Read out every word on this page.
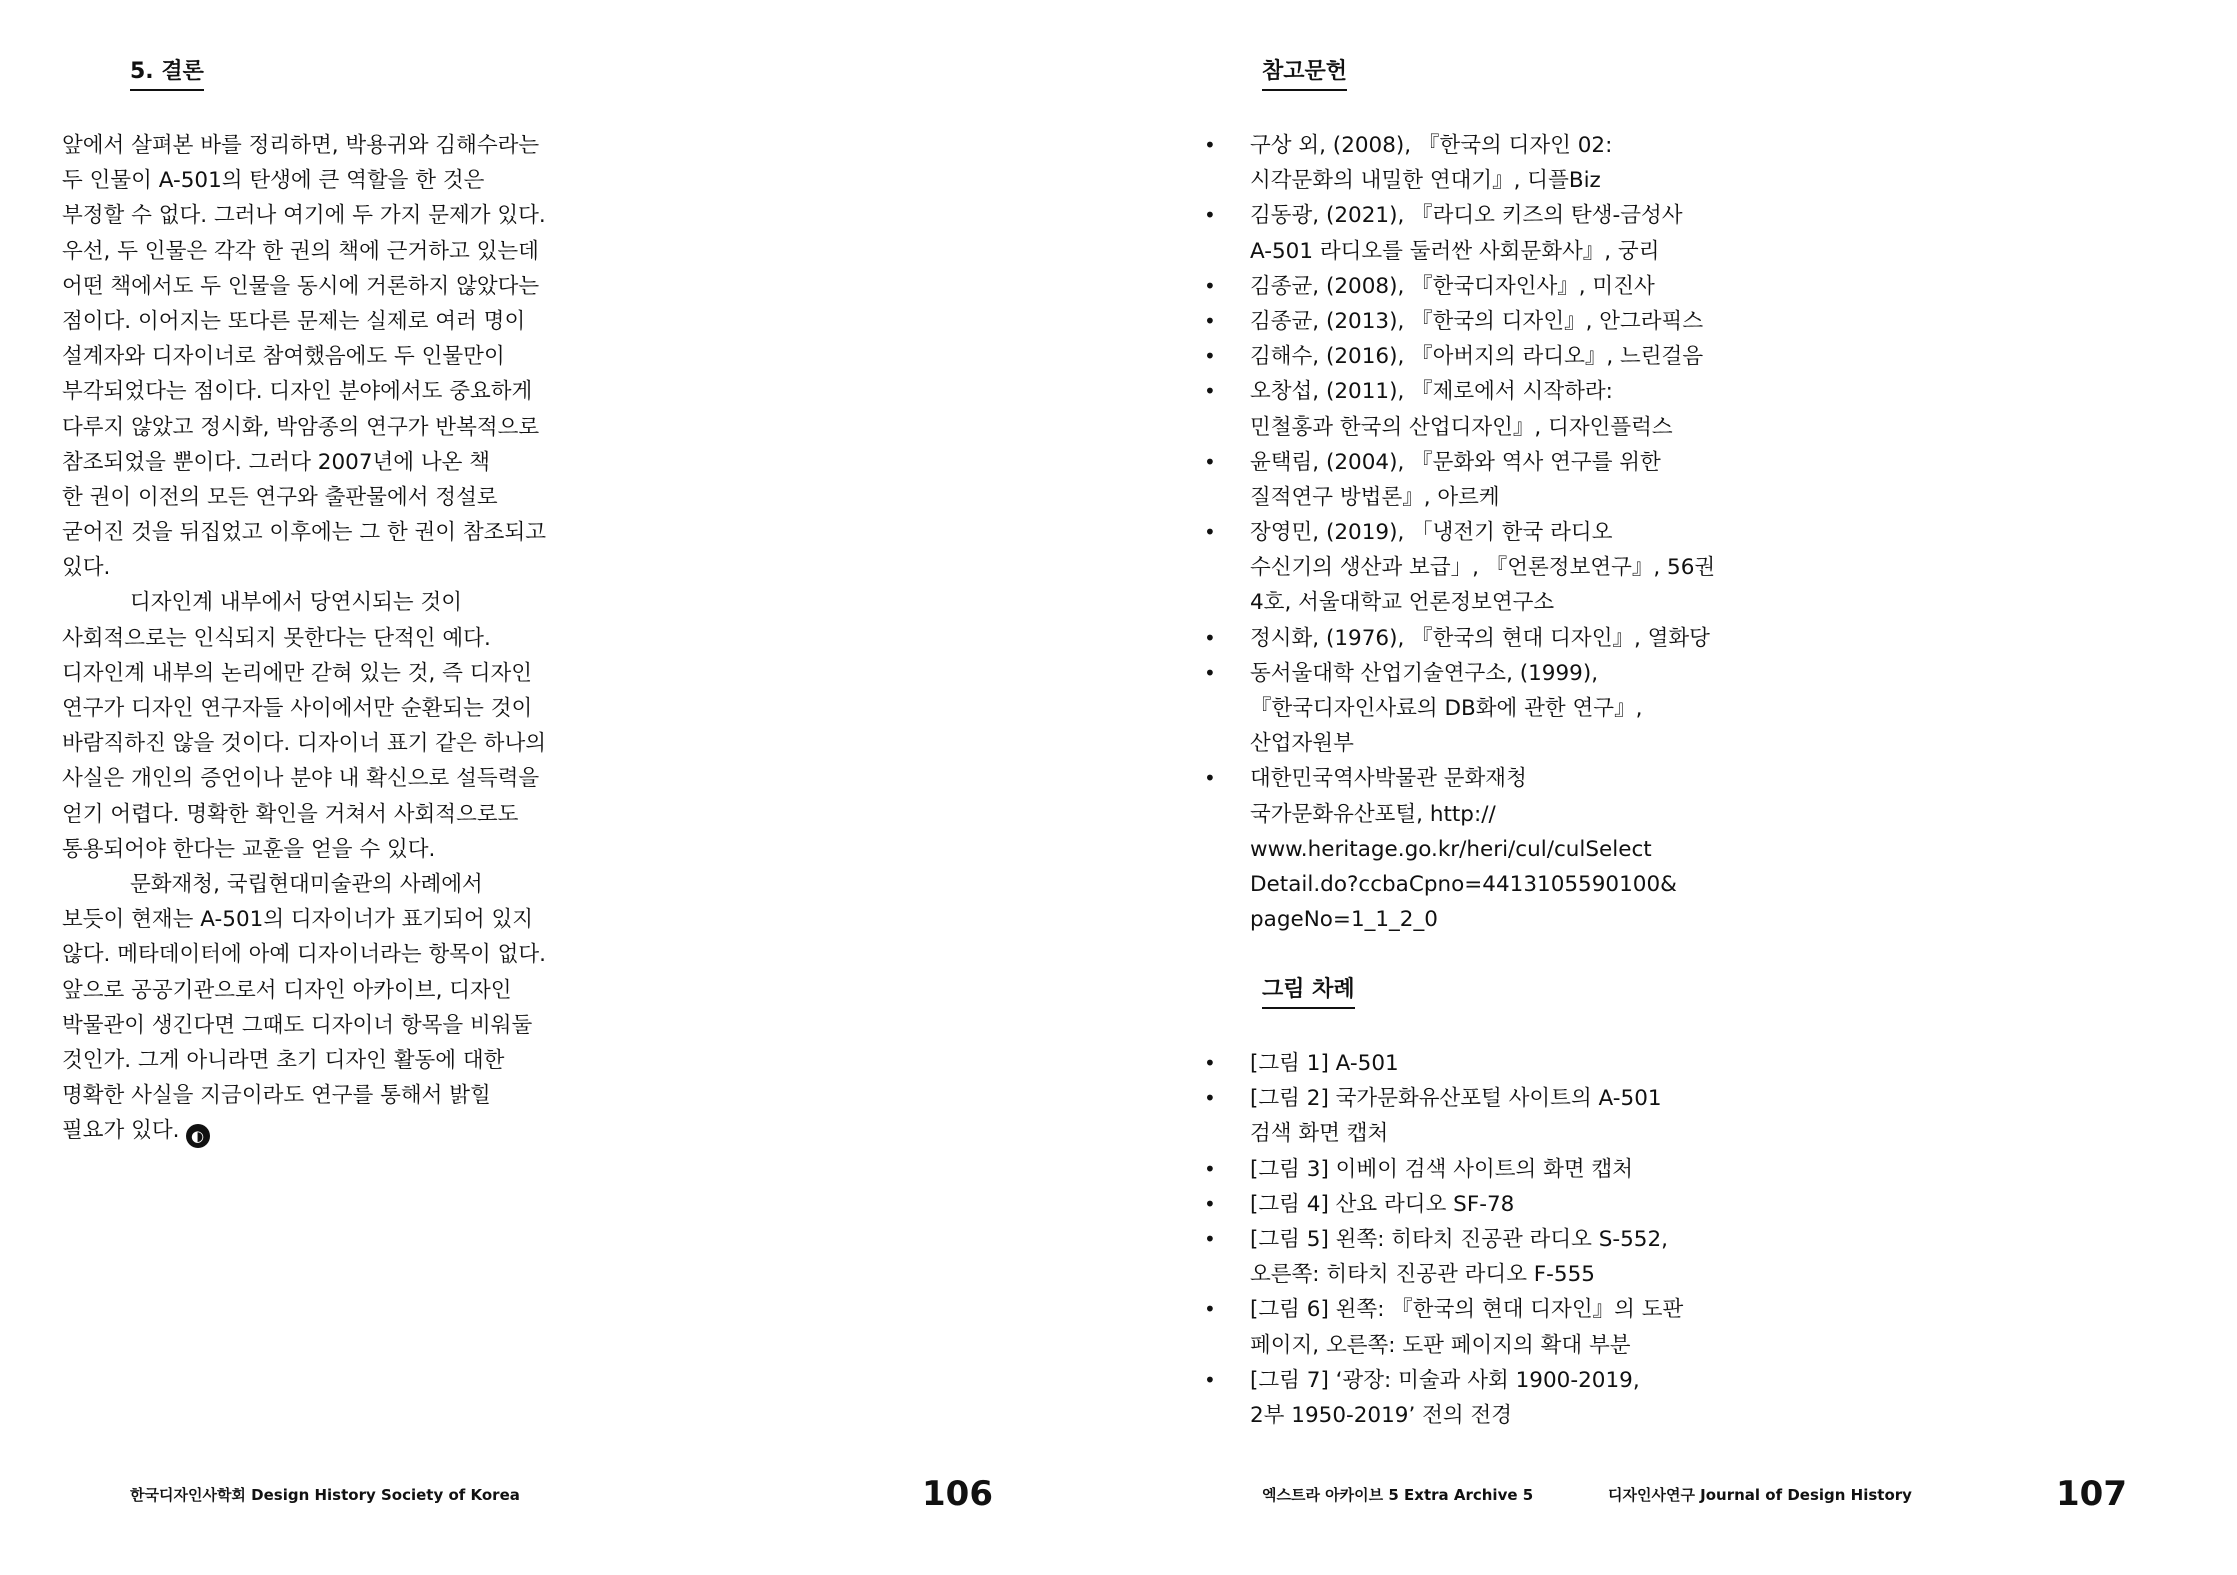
5. 결론
앞에서 살펴본 바를 정리하면, 박용귀와 김해수라는
두 인물이 A-501의 탄생에 큰 역할을 한 것은
부정할 수 없다. 그러나 여기에 두 가지 문제가 있다.
우선, 두 인물은 각각 한 권의 책에 근거하고 있는데
어떤 책에서도 두 인물을 동시에 거론하지 않았다는
점이다. 이어지는 또다른 문제는 실제로 여러 명이
설계자와 디자이너로 참여했음에도 두 인물만이
부각되었다는 점이다. 디자인 분야에서도 중요하게
다루지 않았고 정시화, 박암종의 연구가 반복적으로
참조되었을 뿐이다. 그러다 2007년에 나온 책
한 권이 이전의 모든 연구와 출판물에서 정설로
굳어진 것을 뒤집었고 이후에는 그 한 권이 참조되고
있다.
디자인계 내부에서 당연시되는 것이
사회적으로는 인식되지 못한다는 단적인 예다.
디자인계 내부의 논리에만 갇혀 있는 것, 즉 디자인
연구가 디자인 연구자들 사이에서만 순환되는 것이
바람직하진 않을 것이다. 디자이너 표기 같은 하나의
사실은 개인의 증언이나 분야 내 확신으로 설득력을
얻기 어렵다. 명확한 확인을 거쳐서 사회적으로도
통용되어야 한다는 교훈을 얻을 수 있다.
문화재청, 국립현대미술관의 사례에서
보듯이 현재는 A-501의 디자이너가 표기되어 있지
않다. 메타데이터에 아예 디자이너라는 항목이 없다.
앞으로 공공기관으로서 디자인 아카이브, 디자인
박물관이 생긴다면 그때도 디자이너 항목을 비워둘
것인가. 그게 아니라면 초기 디자인 활동에 대한
명확한 사실을 지금이라도 연구를 통해서 밝힐
필요가 있다. ◐
한국디자인사학회 Design History Society of Korea	106
참고문헌
• 구상 외, (2008), 『한국의 디자인 02:
시각문화의 내밀한 연대기』, 디플Biz
• 김동광, (2021), 『라디오 키즈의 탄생-금성사
A-501 라디오를 둘러싼 사회문화사』, 궁리
• 김종균, (2008), 『한국디자인사』, 미진사
• 김종균, (2013), 『한국의 디자인』, 안그라픽스
• 김해수, (2016), 『아버지의 라디오』, 느린걸음
• 오창섭, (2011), 『제로에서 시작하라:
민철홍과 한국의 산업디자인』, 디자인플럭스
• 윤택림, (2004), 『문화와 역사 연구를 위한
질적연구 방법론』, 아르케
• 장영민, (2019), 「냉전기 한국 라디오
수신기의 생산과 보급」, 『언론정보연구』, 56권
4호, 서울대학교 언론정보연구소
• 정시화, (1976), 『한국의 현대 디자인』, 열화당
• 동서울대학 산업기술연구소, (1999),
『한국디자인사료의 DB화에 관한 연구』,
산업자원부
• 대한민국역사박물관 문화재청
국가문화유산포털, http://
www.heritage.go.kr/heri/cul/culSelect
Detail.do?ccbaCpno=4413105590100&
pageNo=1_1_2_0
그림 차례
• [그림 1] A-501
• [그림 2] 국가문화유산포털 사이트의 A-501
검색 화면 캡처
• [그림 3] 이베이 검색 사이트의 화면 캡처
• [그림 4] 산요 라디오 SF-78
• [그림 5] 왼쪽: 히타치 진공관 라디오 S-552,
오른쪽: 히타치 진공관 라디오 F-555
• [그림 6] 왼쪽: 『한국의 현대 디자인』의 도판
페이지, 오른쪽: 도판 페이지의 확대 부분
• [그림 7] ‘광장: 미술과 사회 1900-2019,
2부 1950-2019’ 전의 전경
엑스트라 아카이브 5 Extra Archive 5	디자인사연구 Journal of Design History	107
